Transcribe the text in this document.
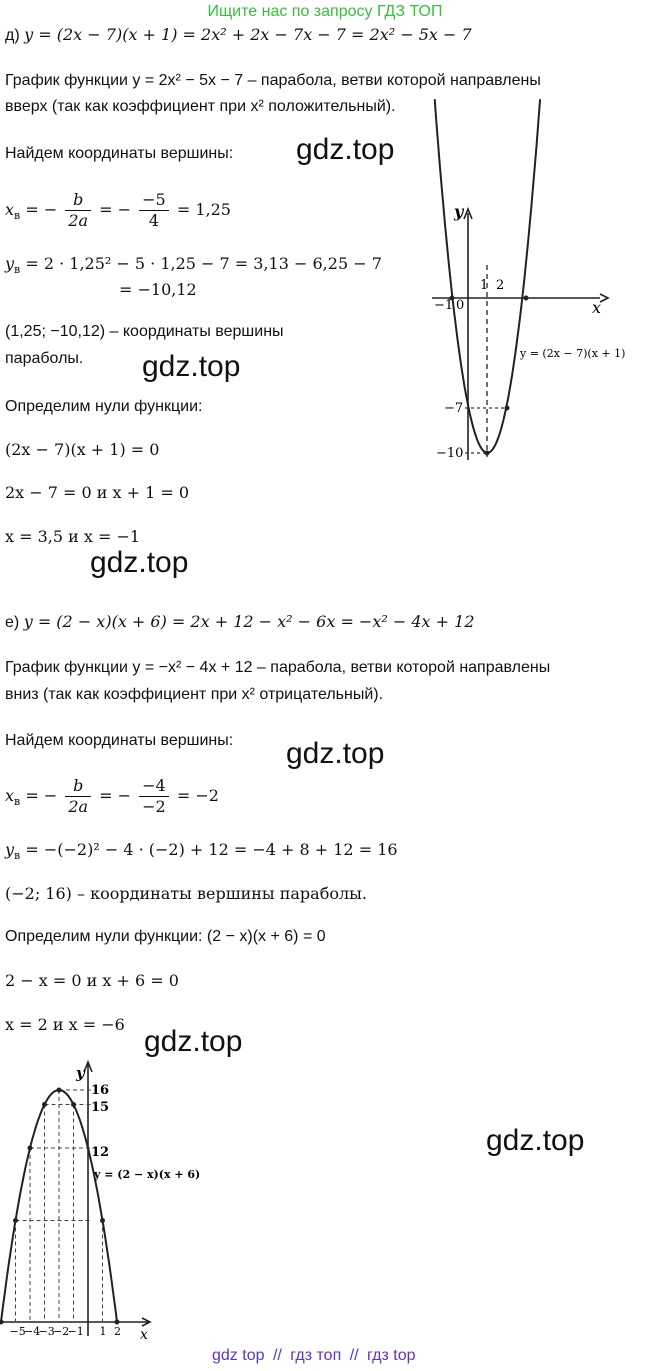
Ищите нас по запросу ГДЗ ТОП
д) y = (2x − 7)(x + 1) = 2x² + 2x − 7x − 7 = 2x² − 5x − 7
График функции y = 2x² − 5x − 7 – парабола, ветви которой направлены
вверх (так как коэффициент при x² положительный).
Найдем координаты вершины: gdz.top
$x_в$ = − $\frac{b}{2a}$ = − $\frac{-5}{4} = 1,25$
$y_в = 2 \cdot 1,25^2 - 5 \cdot 1,25 - 7 = 3,13 - 6,25 - 7$
= −10,12
(1,25; −10,12) – координаты вершины
параболы. gdz.top
Определим нули функции:
(2x − 7)(x + 1) = 0
2x − 7 = 0 и x + 1 = 0
x = 3,5 и x = −1
gdz.top
y
x
−1 0
1 2
−7
−10
y = (2x − 7)(x + 1)
е) y = (2 − x)(x + 6) = 2x + 12 − x² − 6x = −x² − 4x + 12
График функции y = −x² − 4x + 12 – парабола, ветви которой направлены
вниз (так как коэффициент при x² отрицательный).
Найдем координаты вершины: gdz.top
$x_в$ = − $\frac{b}{2a}$ = − $\frac{-4}{-2} = -2$
$y_в = -(-2)^2 - 4 \cdot (-2) + 12 = -4 + 8 + 12 = 16$
(−2; 16) – координаты вершины параболы.
Определим нули функции: (2 − x)(x + 6) = 0
2 − x = 0 и x + 6 = 0
x = 2 и x = −6
gdz.top
gdz.top
y
x
16
15
12
y = (2 − x)(x + 6)
−5
−4
−3
−2
−1 1 2
gdz top // гдз топ // гдз top
